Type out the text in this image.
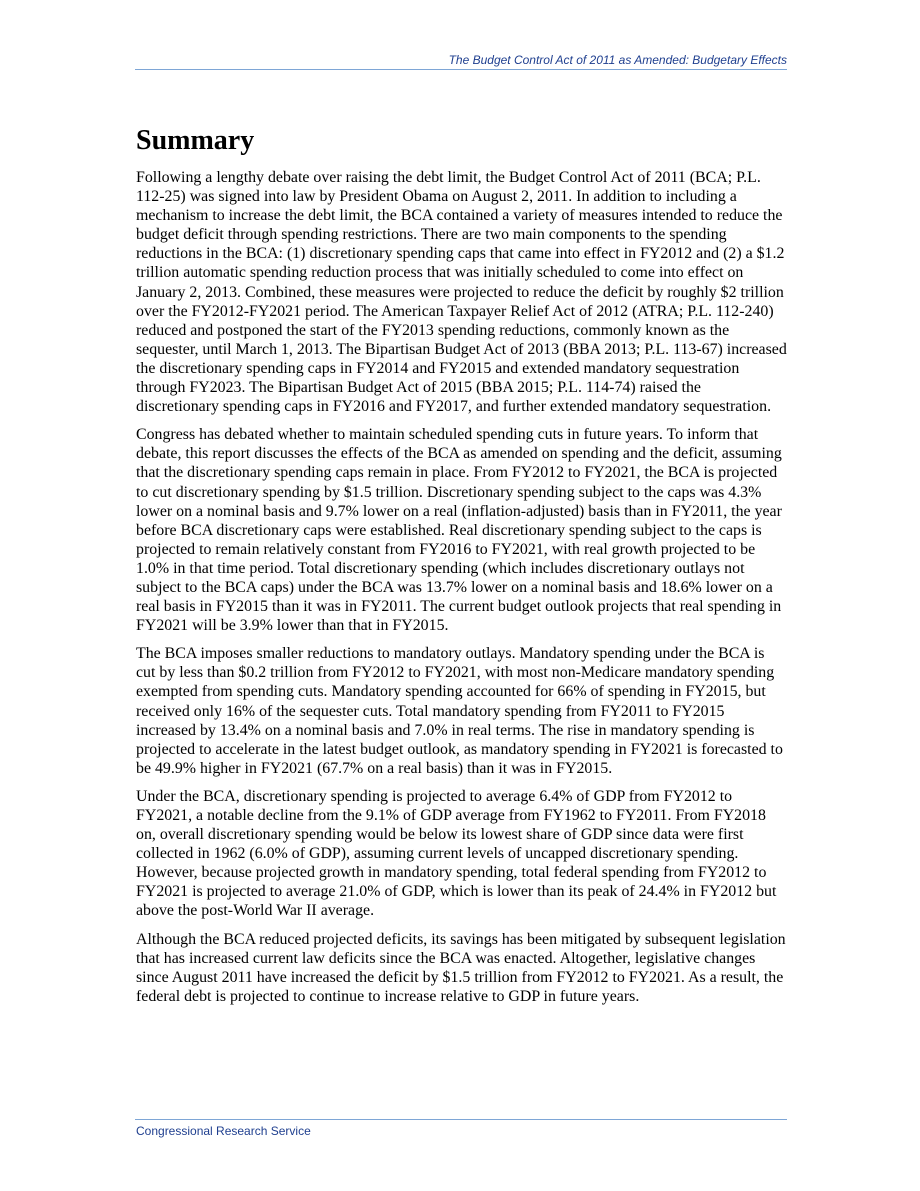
The Budget Control Act of 2011 as Amended: Budgetary Effects
Summary

Following a lengthy debate over raising the debt limit, the Budget Control Act of 2011 (BCA; P.L. 112-25) was signed into law by President Obama on August 2, 2011. In addition to including a mechanism to increase the debt limit, the BCA contained a variety of measures intended to reduce the budget deficit through spending restrictions. There are two main components to the spending reductions in the BCA: (1) discretionary spending caps that came into effect in FY2012 and (2) a $1.2 trillion automatic spending reduction process that was initially scheduled to come into effect on January 2, 2013. Combined, these measures were projected to reduce the deficit by roughly $2 trillion over the FY2012-FY2021 period. The American Taxpayer Relief Act of 2012 (ATRA; P.L. 112-240) reduced and postponed the start of the FY2013 spending reductions, commonly known as the sequester, until March 1, 2013. The Bipartisan Budget Act of 2013 (BBA 2013; P.L. 113-67) increased the discretionary spending caps in FY2014 and FY2015 and extended mandatory sequestration through FY2023. The Bipartisan Budget Act of 2015 (BBA 2015; P.L. 114-74) raised the discretionary spending caps in FY2016 and FY2017, and further extended mandatory sequestration.

Congress has debated whether to maintain scheduled spending cuts in future years. To inform that debate, this report discusses the effects of the BCA as amended on spending and the deficit, assuming that the discretionary spending caps remain in place. From FY2012 to FY2021, the BCA is projected to cut discretionary spending by $1.5 trillion. Discretionary spending subject to the caps was 4.3% lower on a nominal basis and 9.7% lower on a real (inflation-adjusted) basis than in FY2011, the year before BCA discretionary caps were established. Real discretionary spending subject to the caps is projected to remain relatively constant from FY2016 to FY2021, with real growth projected to be 1.0% in that time period. Total discretionary spending (which includes discretionary outlays not subject to the BCA caps) under the BCA was 13.7% lower on a nominal basis and 18.6% lower on a real basis in FY2015 than it was in FY2011. The current budget outlook projects that real spending in FY2021 will be 3.9% lower than that in FY2015.

The BCA imposes smaller reductions to mandatory outlays. Mandatory spending under the BCA is cut by less than $0.2 trillion from FY2012 to FY2021, with most non-Medicare mandatory spending exempted from spending cuts. Mandatory spending accounted for 66% of spending in FY2015, but received only 16% of the sequester cuts. Total mandatory spending from FY2011 to FY2015 increased by 13.4% on a nominal basis and 7.0% in real terms. The rise in mandatory spending is projected to accelerate in the latest budget outlook, as mandatory spending in FY2021 is forecasted to be 49.9% higher in FY2021 (67.7% on a real basis) than it was in FY2015.

Under the BCA, discretionary spending is projected to average 6.4% of GDP from FY2012 to FY2021, a notable decline from the 9.1% of GDP average from FY1962 to FY2011. From FY2018 on, overall discretionary spending would be below its lowest share of GDP since data were first collected in 1962 (6.0% of GDP), assuming current levels of uncapped discretionary spending. However, because projected growth in mandatory spending, total federal spending from FY2012 to FY2021 is projected to average 21.0% of GDP, which is lower than its peak of 24.4% in FY2012 but above the post-World War II average.

Although the BCA reduced projected deficits, its savings has been mitigated by subsequent legislation that has increased current law deficits since the BCA was enacted. Altogether, legislative changes since August 2011 have increased the deficit by $1.5 trillion from FY2012 to FY2021. As a result, the federal debt is projected to continue to increase relative to GDP in future years.

Congressional Research Service
